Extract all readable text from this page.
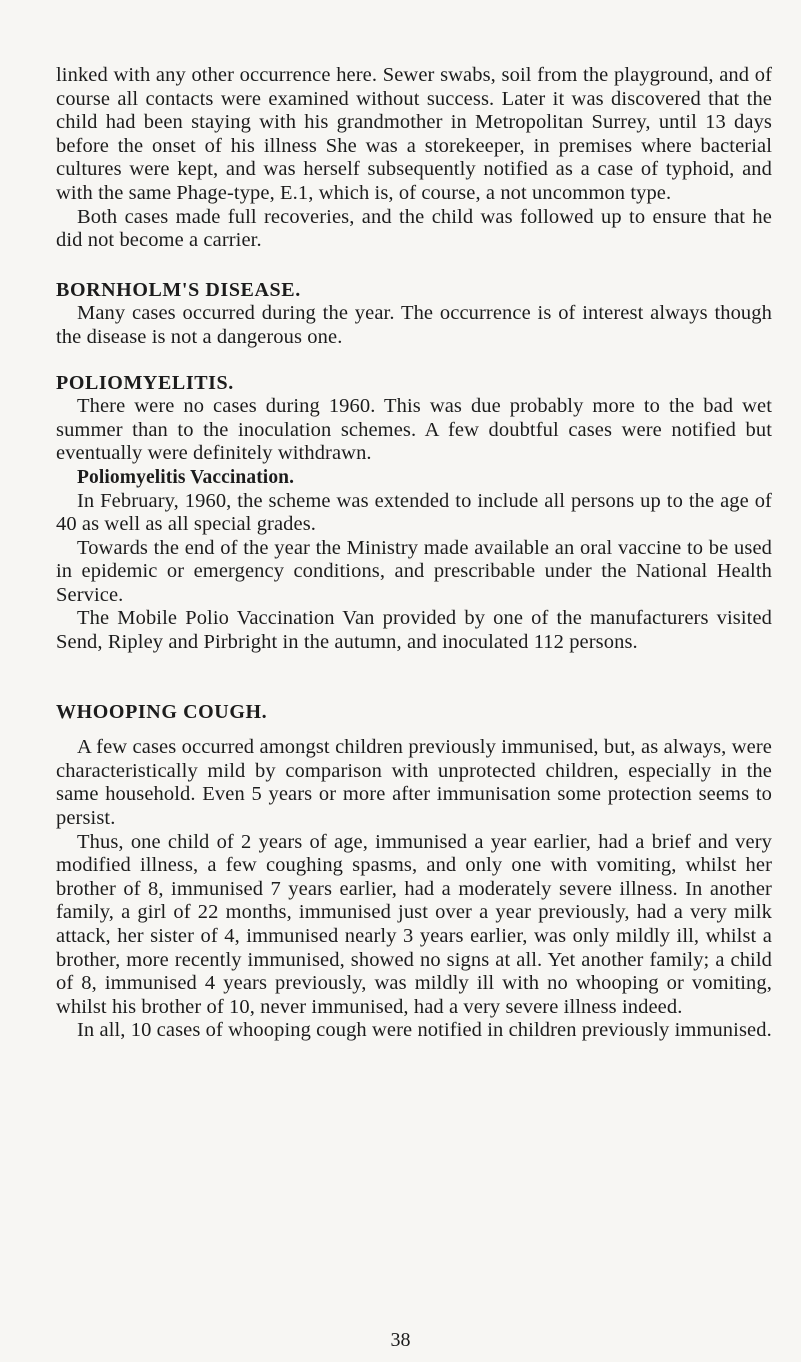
linked with any other occurrence here. Sewer swabs, soil from the playground, and of course all contacts were examined without success. Later it was discovered that the child had been staying with his grandmother in Metropolitan Surrey, until 13 days before the onset of his illness She was a storekeeper, in premises where bacterial cultures were kept, and was herself subsequently notified as a case of typhoid, and with the same Phage-type, E.1, which is, of course, a not uncommon type.

Both cases made full recoveries, and the child was followed up to ensure that he did not become a carrier.

BORNHOLM'S DISEASE.

Many cases occurred during the year. The occurrence is of interest always though the disease is not a dangerous one.

POLIOMYELITIS.

There were no cases during 1960. This was due probably more to the bad wet summer than to the inoculation schemes. A few doubtful cases were notified but eventually were definitely withdrawn.

Poliomyelitis Vaccination.

In February, 1960, the scheme was extended to include all persons up to the age of 40 as well as all special grades.

Towards the end of the year the Ministry made available an oral vaccine to be used in epidemic or emergency conditions, and prescribable under the National Health Service.

The Mobile Polio Vaccination Van provided by one of the manufacturers visited Send, Ripley and Pirbright in the autumn, and inoculated 112 persons.

WHOOPING COUGH.

A few cases occurred amongst children previously immunised, but, as always, were characteristically mild by comparison with unprotected children, especially in the same household. Even 5 years or more after immunisation some protection seems to persist.

Thus, one child of 2 years of age, immunised a year earlier, had a brief and very modified illness, a few coughing spasms, and only one with vomiting, whilst her brother of 8, immunised 7 years earlier, had a moderately severe illness. In another family, a girl of 22 months, immunised just over a year previously, had a very milk attack, her sister of 4, immunised nearly 3 years earlier, was only mildly ill, whilst a brother, more recently immunised, showed no signs at all. Yet another family; a child of 8, immunised 4 years previously, was mildly ill with no whooping or vomiting, whilst his brother of 10, never immunised, had a very severe illness indeed.

In all, 10 cases of whooping cough were notified in children previously immunised.

38
